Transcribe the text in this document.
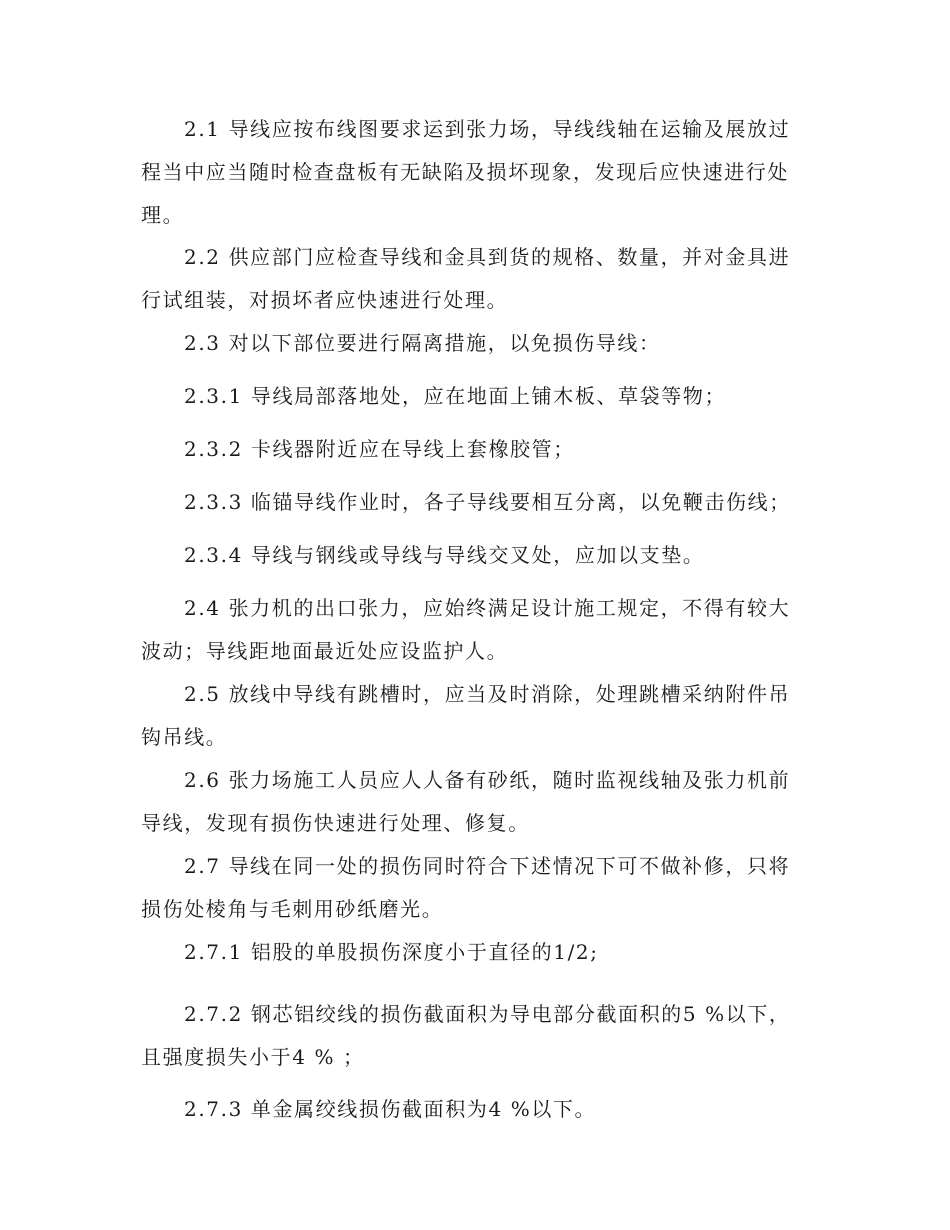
2.1 导线应按布线图要求运到张力场，导线线轴在运输及展放过程当中应当随时检查盘板有无缺陷及损坏现象，发现后应快速进行处理。

2.2 供应部门应检查导线和金具到货的规格、数量，并对金具进行试组装，对损坏者应快速进行处理。

2.3 对以下部位要进行隔离措施，以免损伤导线：

2.3.1 导线局部落地处，应在地面上铺木板、草袋等物；

2.3.2 卡线器附近应在导线上套橡胶管；

2.3.3 临锚导线作业时，各子导线要相互分离，以免鞭击伤线；

2.3.4 导线与钢线或导线与导线交叉处，应加以支垫。

2.4 张力机的出口张力，应始终满足设计施工规定，不得有较大波动；导线距地面最近处应设监护人。

2.5 放线中导线有跳槽时，应当及时消除，处理跳槽采纳附件吊钩吊线。

2.6 张力场施工人员应人人备有砂纸，随时监视线轴及张力机前导线，发现有损伤快速进行处理、修复。

2.7 导线在同一处的损伤同时符合下述情况下可不做补修，只将损伤处棱角与毛刺用砂纸磨光。

2.7.1 铝股的单股损伤深度小于直径的1/2;

2.7.2 钢芯铝绞线的损伤截面积为导电部分截面积的5 %以下，且强度损失小于4 % ；

2.7.3 单金属绞线损伤截面积为4 %以下。
